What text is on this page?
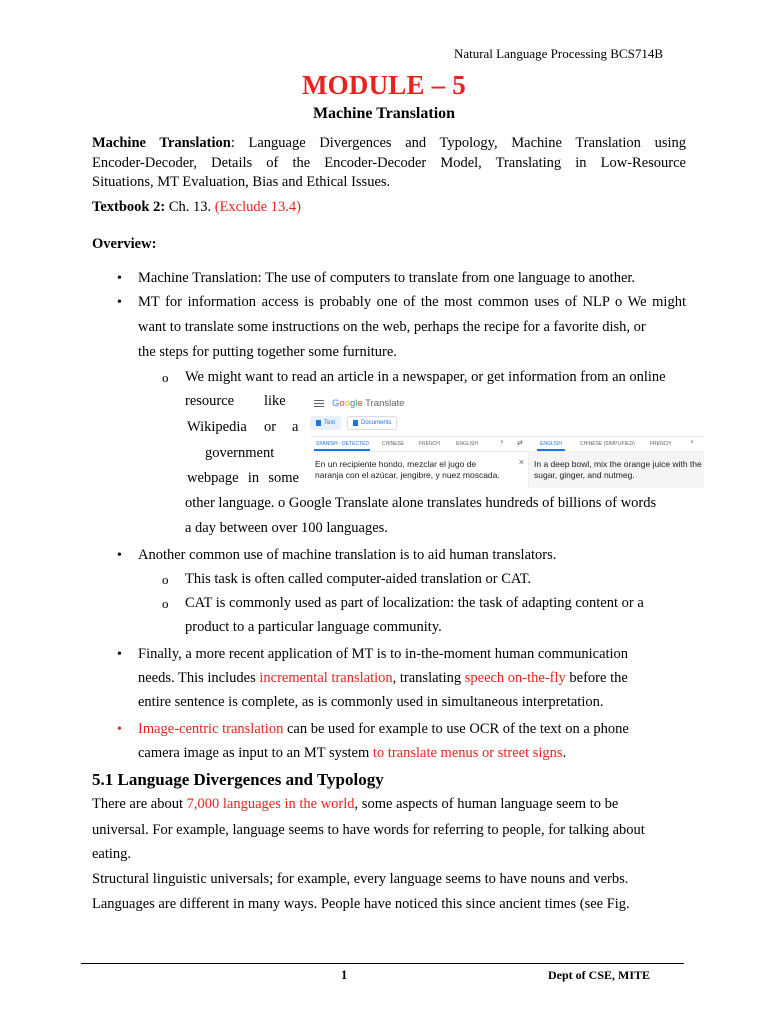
Natural Language Processing BCS714B
MODULE – 5
Machine Translation
Machine Translation: Language Divergences and Typology, Machine Translation using
Encoder-Decoder, Details of the Encoder-Decoder Model, Translating in Low-Resource
Situations, MT Evaluation, Bias and Ethical Issues.
Textbook 2: Ch. 13. (Exclude 13.4)
Overview:
• Machine Translation: The use of computers to translate from one language to another.
• MT for information access is probably one of the most common uses of NLP o We might
want to translate some instructions on the web, perhaps the recipe for a favorite dish, or
the steps for putting together some furniture.
o We might want to read an article in a newspaper, or get information from an online
resource like
Wikipedia or a
government
webpage in some
other language. o Google Translate alone translates hundreds of billions of words
a day between over 100 languages.
Google Translate
Text	Documents
SPANISH - DETECTED	CHINESE	FRENCH	ENGLISH	∨ ⇄	ENGLISH	CHINESE (SIMPLIFIED)	FRENCH	∨
En un recipiente hondo, mezclar el jugo de naranja con el azúcar, jengibre, y nuez moscada.
× In a deep bowl, mix the orange juice with the sugar, ginger, and nutmeg.
• Another common use of machine translation is to aid human translators.
o This task is often called computer-aided translation or CAT.
o CAT is commonly used as part of localization: the task of adapting content or a
product to a particular language community.
• Finally, a more recent application of MT is to in-the-moment human communication
needs. This includes incremental translation, translating speech on-the-fly before the
entire sentence is complete, as is commonly used in simultaneous interpretation.
• Image-centric translation can be used for example to use OCR of the text on a phone
camera image as input to an MT system to translate menus or street signs.
5.1 Language Divergences and Typology
There are about 7,000 languages in the world, some aspects of human language seem to be
universal. For example, language seems to have words for referring to people, for talking about
eating.
Structural linguistic universals; for example, every language seems to have nouns and verbs.
Languages are different in many ways. People have noticed this since ancient times (see Fig.
1	Dept of CSE, MITE
